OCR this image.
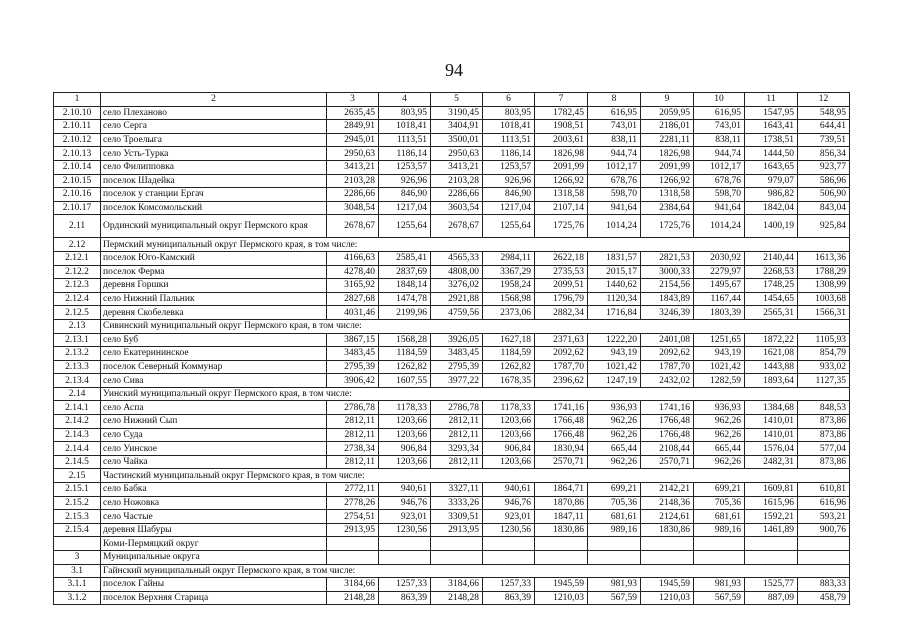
94
1	2	3	4	5	6	7	8	9	10	11	12
2.10.10	село Плеханово	2635,45	803,95	3190,45	803,95	1782,45	616,95	2059,95	616,95	1547,95	548,95
2.10.11	село Серга	2849,91	1018,41	3404,91	1018,41	1908,51	743,01	2186,01	743,01	1643,41	644,41
2.10.12	село Троелыга	2945,01	1113,51	3500,01	1113,51	2003,61	838,11	2281,11	838,11	1738,51	739,51
2.10.13	село Усть-Турка	2950,63	1186,14	2950,63	1186,14	1826,98	944,74	1826,98	944,74	1444,50	856,34
2.10.14	село Филипповка	3413,21	1253,57	3413,21	1253,57	2091,99	1012,17	2091,99	1012,17	1643,65	923,77
2.10.15	поселок Шадейка	2103,28	926,96	2103,28	926,96	1266,92	678,76	1266,92	678,76	979,07	586,96
2.10.16	поселок у станции Ергач	2286,66	846,90	2286,66	846,90	1318,58	598,70	1318,58	598,70	986,82	506,90
2.10.17	поселок Комсомольский	3048,54	1217,04	3603,54	1217,04	2107,14	941,64	2384,64	941,64	1842,04	843,04
2.11	Ординский муниципальный округ Пермского края	2678,67	1255,64	2678,67	1255,64	1725,76	1014,24	1725,76	1014,24	1400,19	925,84
2.12	Пермский муниципальный округ Пермского края, в том числе:										
2.12.1	поселок Юго-Камский	4166,63	2585,41	4565,33	2984,11	2622,18	1831,57	2821,53	2030,92	2140,44	1613,36
2.12.2	поселок Ферма	4278,40	2837,69	4808,00	3367,29	2735,53	2015,17	3000,33	2279,97	2268,53	1788,29
2.12.3	деревня Горшки	3165,92	1848,14	3276,02	1958,24	2099,51	1440,62	2154,56	1495,67	1748,25	1308,99
2.12.4	село Нижний Пальник	2827,68	1474,78	2921,88	1568,98	1796,79	1120,34	1843,89	1167,44	1454,65	1003,68
2.12.5	деревня Скобелевка	4031,46	2199,96	4759,56	2373,06	2882,34	1716,84	3246,39	1803,39	2565,31	1566,31
2.13	Сивинский муниципальный округ Пермского края, в том числе:										
2.13.1	село Буб	3867,15	1568,28	3926,05	1627,18	2371,63	1222,20	2401,08	1251,65	1872,22	1105,93
2.13.2	село Екатерининское	3483,45	1184,59	3483,45	1184,59	2092,62	943,19	2092,62	943,19	1621,08	854,79
2.13.3	поселок Северный Коммунар	2795,39	1262,82	2795,39	1262,82	1787,70	1021,42	1787,70	1021,42	1443,88	933,02
2.13.4	село Сива	3906,42	1607,55	3977,22	1678,35	2396,62	1247,19	2432,02	1282,59	1893,64	1127,35
2.14	Уинский муниципальный округ Пермского края, в том числе:										
2.14.1	село Аспа	2786,78	1178,33	2786,78	1178,33	1741,16	936,93	1741,16	936,93	1384,68	848,53
2.14.2	село Нижний Сып	2812,11	1203,66	2812,11	1203,66	1766,48	962,26	1766,48	962,26	1410,01	873,86
2.14.3	село Суда	2812,11	1203,66	2812,11	1203,66	1766,48	962,26	1766,48	962,26	1410,01	873,86
2.14.4	село Уинское	2738,34	906,84	3293,34	906,84	1830,94	665,44	2108,44	665,44	1576,04	577,04
2.14.5	село Чайка	2812,11	1203,66	2812,11	1203,66	2570,71	962,26	2570,71	962,26	2482,31	873,86
2.15	Частинский муниципальный округ Пермского края, в том числе:										
2.15.1	село Бабка	2772,11	940,61	3327,11	940,61	1864,71	699,21	2142,21	699,21	1609,81	610,81
2.15.2	село Ножовка	2778,26	946,76	3333,26	946,76	1870,86	705,36	2148,36	705,36	1615,96	616,96
2.15.3	село Частые	2754,51	923,01	3309,51	923,01	1847,11	681,61	2124,61	681,61	1592,21	593,21
2.15.4	деревня Шабуры	2913,95	1230,56	2913,95	1230,56	1830,86	989,16	1830,86	989,16	1461,89	900,76
	Коми-Пермяцкий округ										
3	Муниципальные округа										
3.1	Гайнский муниципальный округ Пермского края, в том числе:										
3.1.1	поселок Гайны	3184,66	1257,33	3184,66	1257,33	1945,59	981,93	1945,59	981,93	1525,77	883,33
3.1.2	поселок Верхняя Старица	2148,28	863,39	2148,28	863,39	1210,03	567,59	1210,03	567,59	887,09	458,79
